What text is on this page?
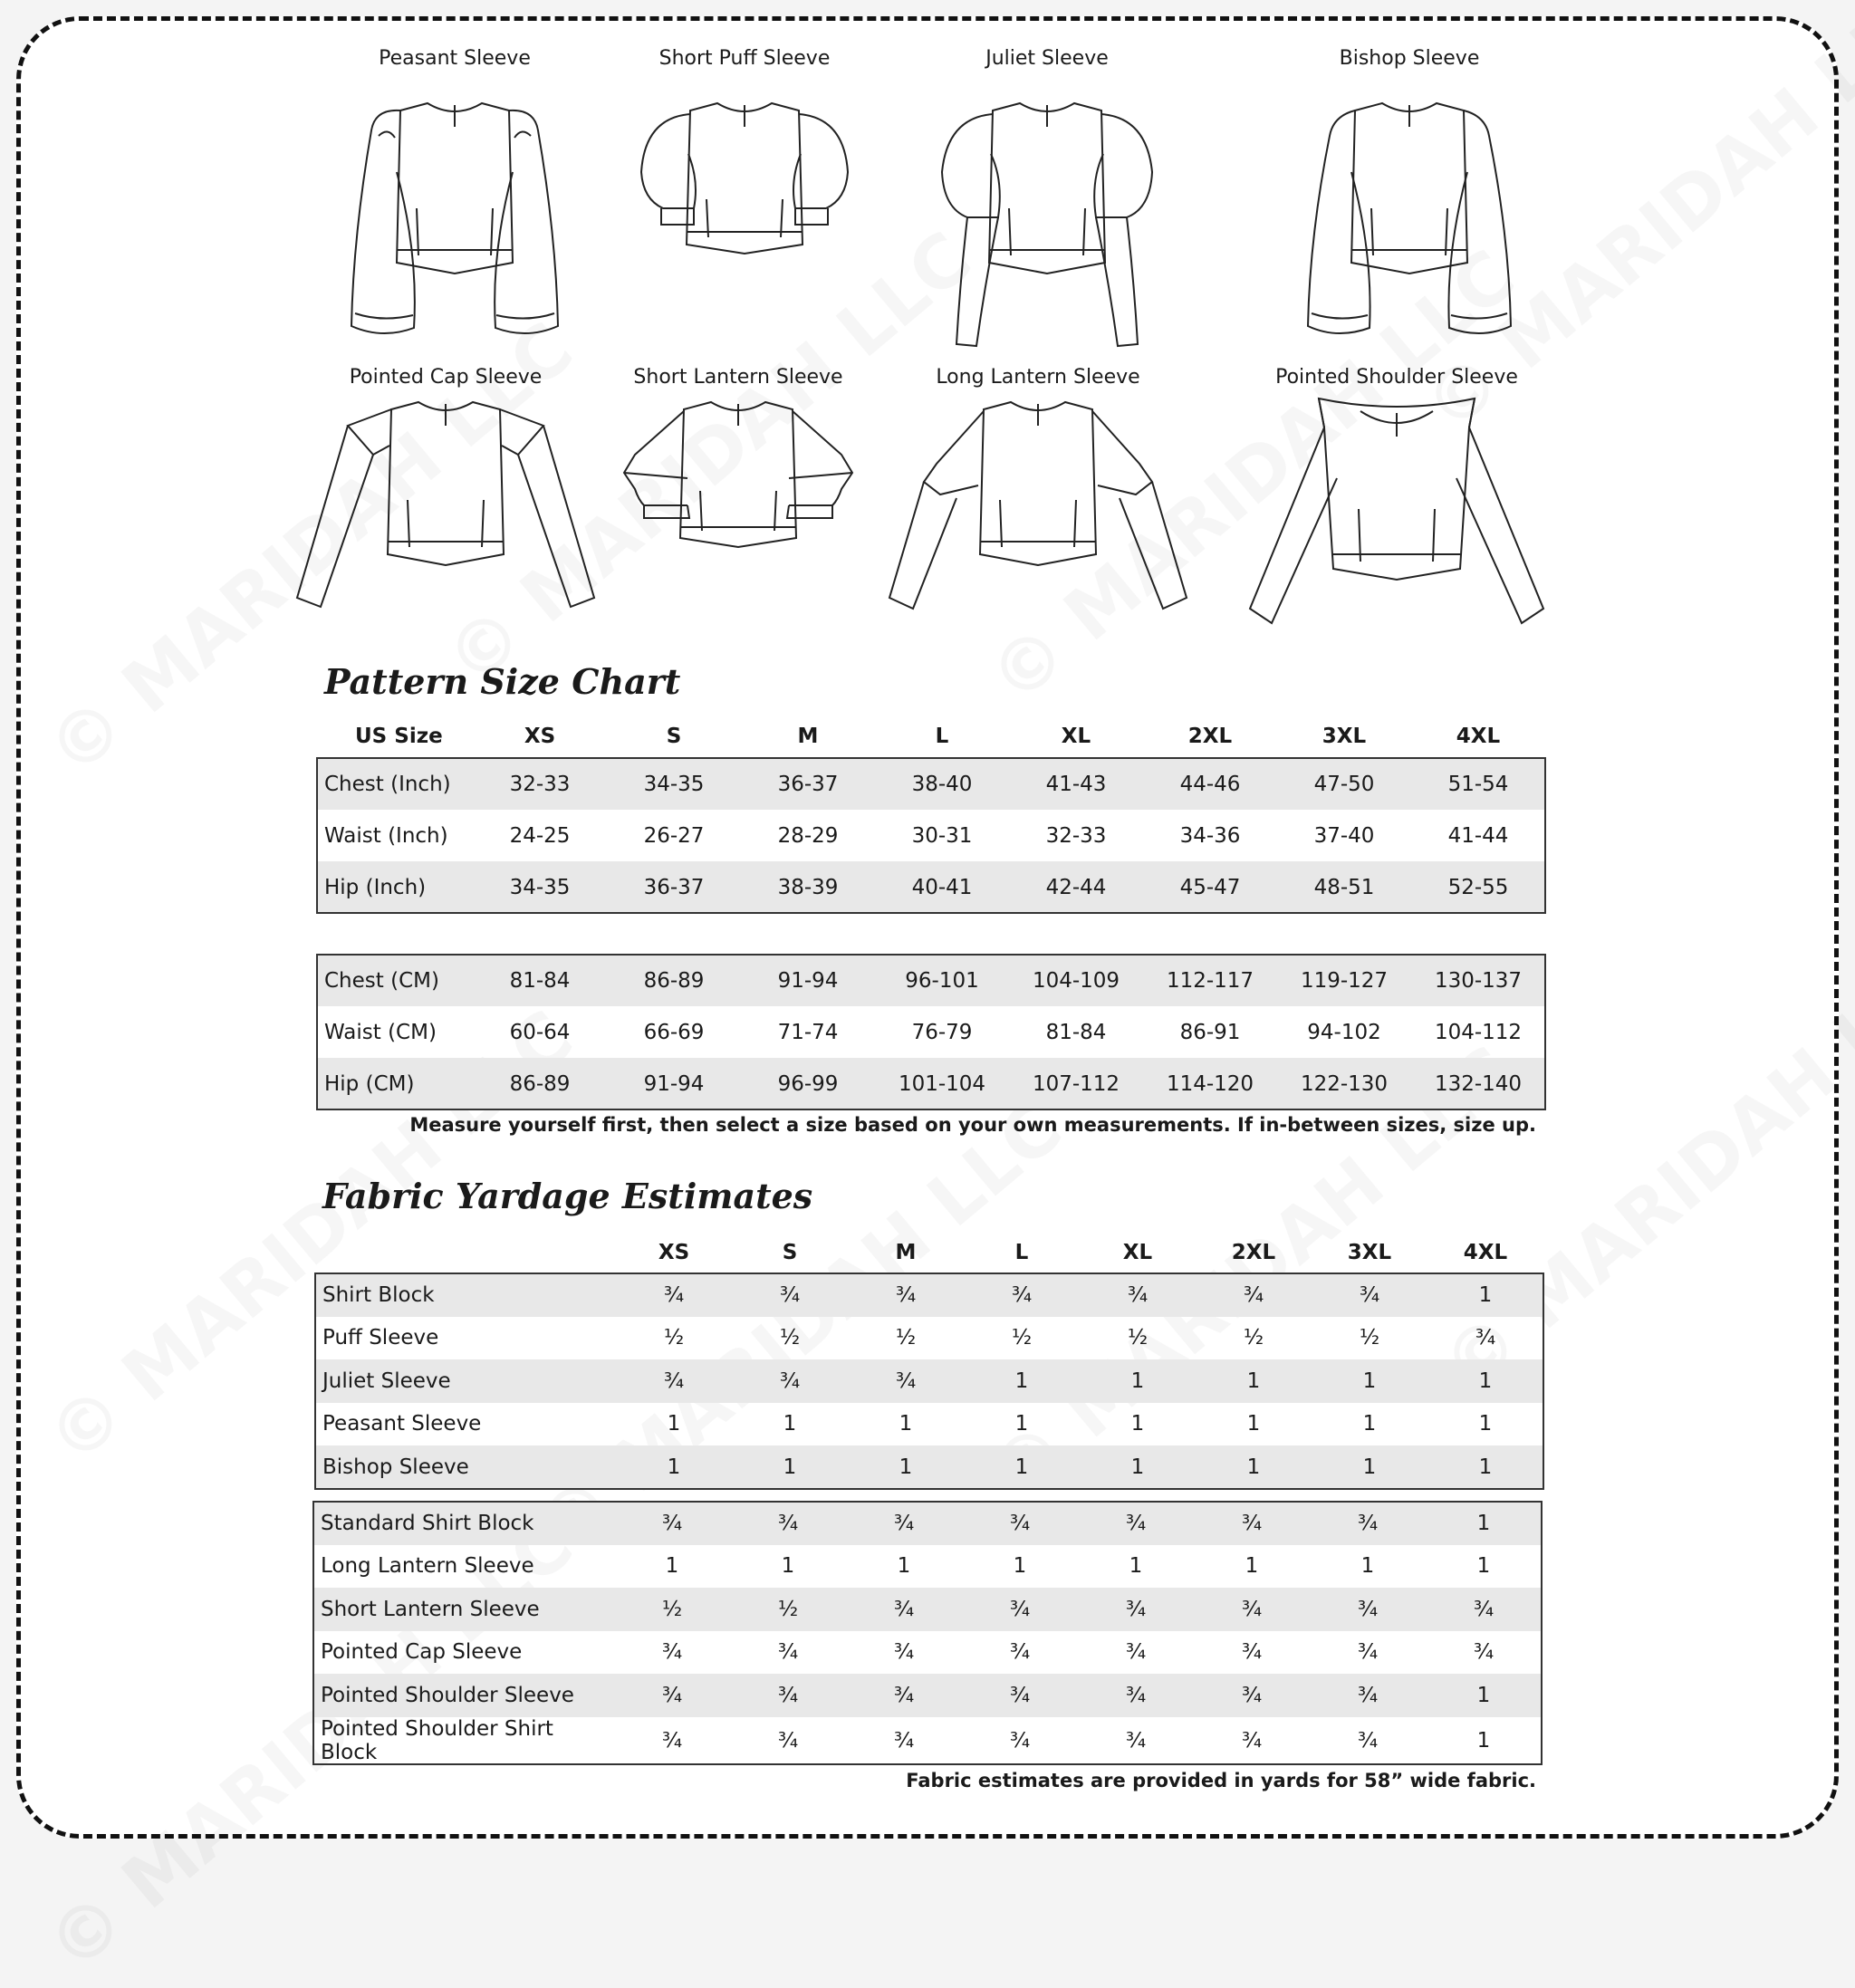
Peasant Sleeve	Short Puff Sleeve	Juliet Sleeve	Bishop Sleeve
Pointed Cap Sleeve	Short Lantern Sleeve	Long Lantern Sleeve	Pointed Shoulder Sleeve
Pattern Size Chart
US Size	XS	S	M	L	XL	2XL	3XL	4XL
Chest (Inch)	32-33	34-35	36-37	38-40	41-43	44-46	47-50	51-54
Waist (Inch)	24-25	26-27	28-29	30-31	32-33	34-36	37-40	41-44
Hip (Inch)	34-35	36-37	38-39	40-41	42-44	45-47	48-51	52-55
Chest (CM)	81-84	86-89	91-94	96-101	104-109	112-117	119-127	130-137
Waist (CM)	60-64	66-69	71-74	76-79	81-84	86-91	94-102	104-112
Hip (CM)	86-89	91-94	96-99	101-104	107-112	114-120	122-130	132-140
Measure yourself first, then select a size based on your own measurements. If in-between sizes, size up.
Fabric Yardage Estimates
	XS	S	M	L	XL	2XL	3XL	4XL
Shirt Block	¾	¾	¾	¾	¾	¾	¾	1
Puff Sleeve	½	½	½	½	½	½	½	¾
Juliet Sleeve	¾	¾	¾	1	1	1	1	1
Peasant Sleeve	1	1	1	1	1	1	1	1
Bishop Sleeve	1	1	1	1	1	1	1	1
Standard Shirt Block	¾	¾	¾	¾	¾	¾	¾	1
Long Lantern Sleeve	1	1	1	1	1	1	1	1
Short Lantern Sleeve	½	½	¾	¾	¾	¾	¾	¾
Pointed Cap Sleeve	¾	¾	¾	¾	¾	¾	¾	¾
Pointed Shoulder Sleeve	¾	¾	¾	¾	¾	¾	¾	1
Pointed Shoulder Shirt Block	¾	¾	¾	¾	¾	¾	¾	1
Fabric estimates are provided in yards for 58” wide fabric.
